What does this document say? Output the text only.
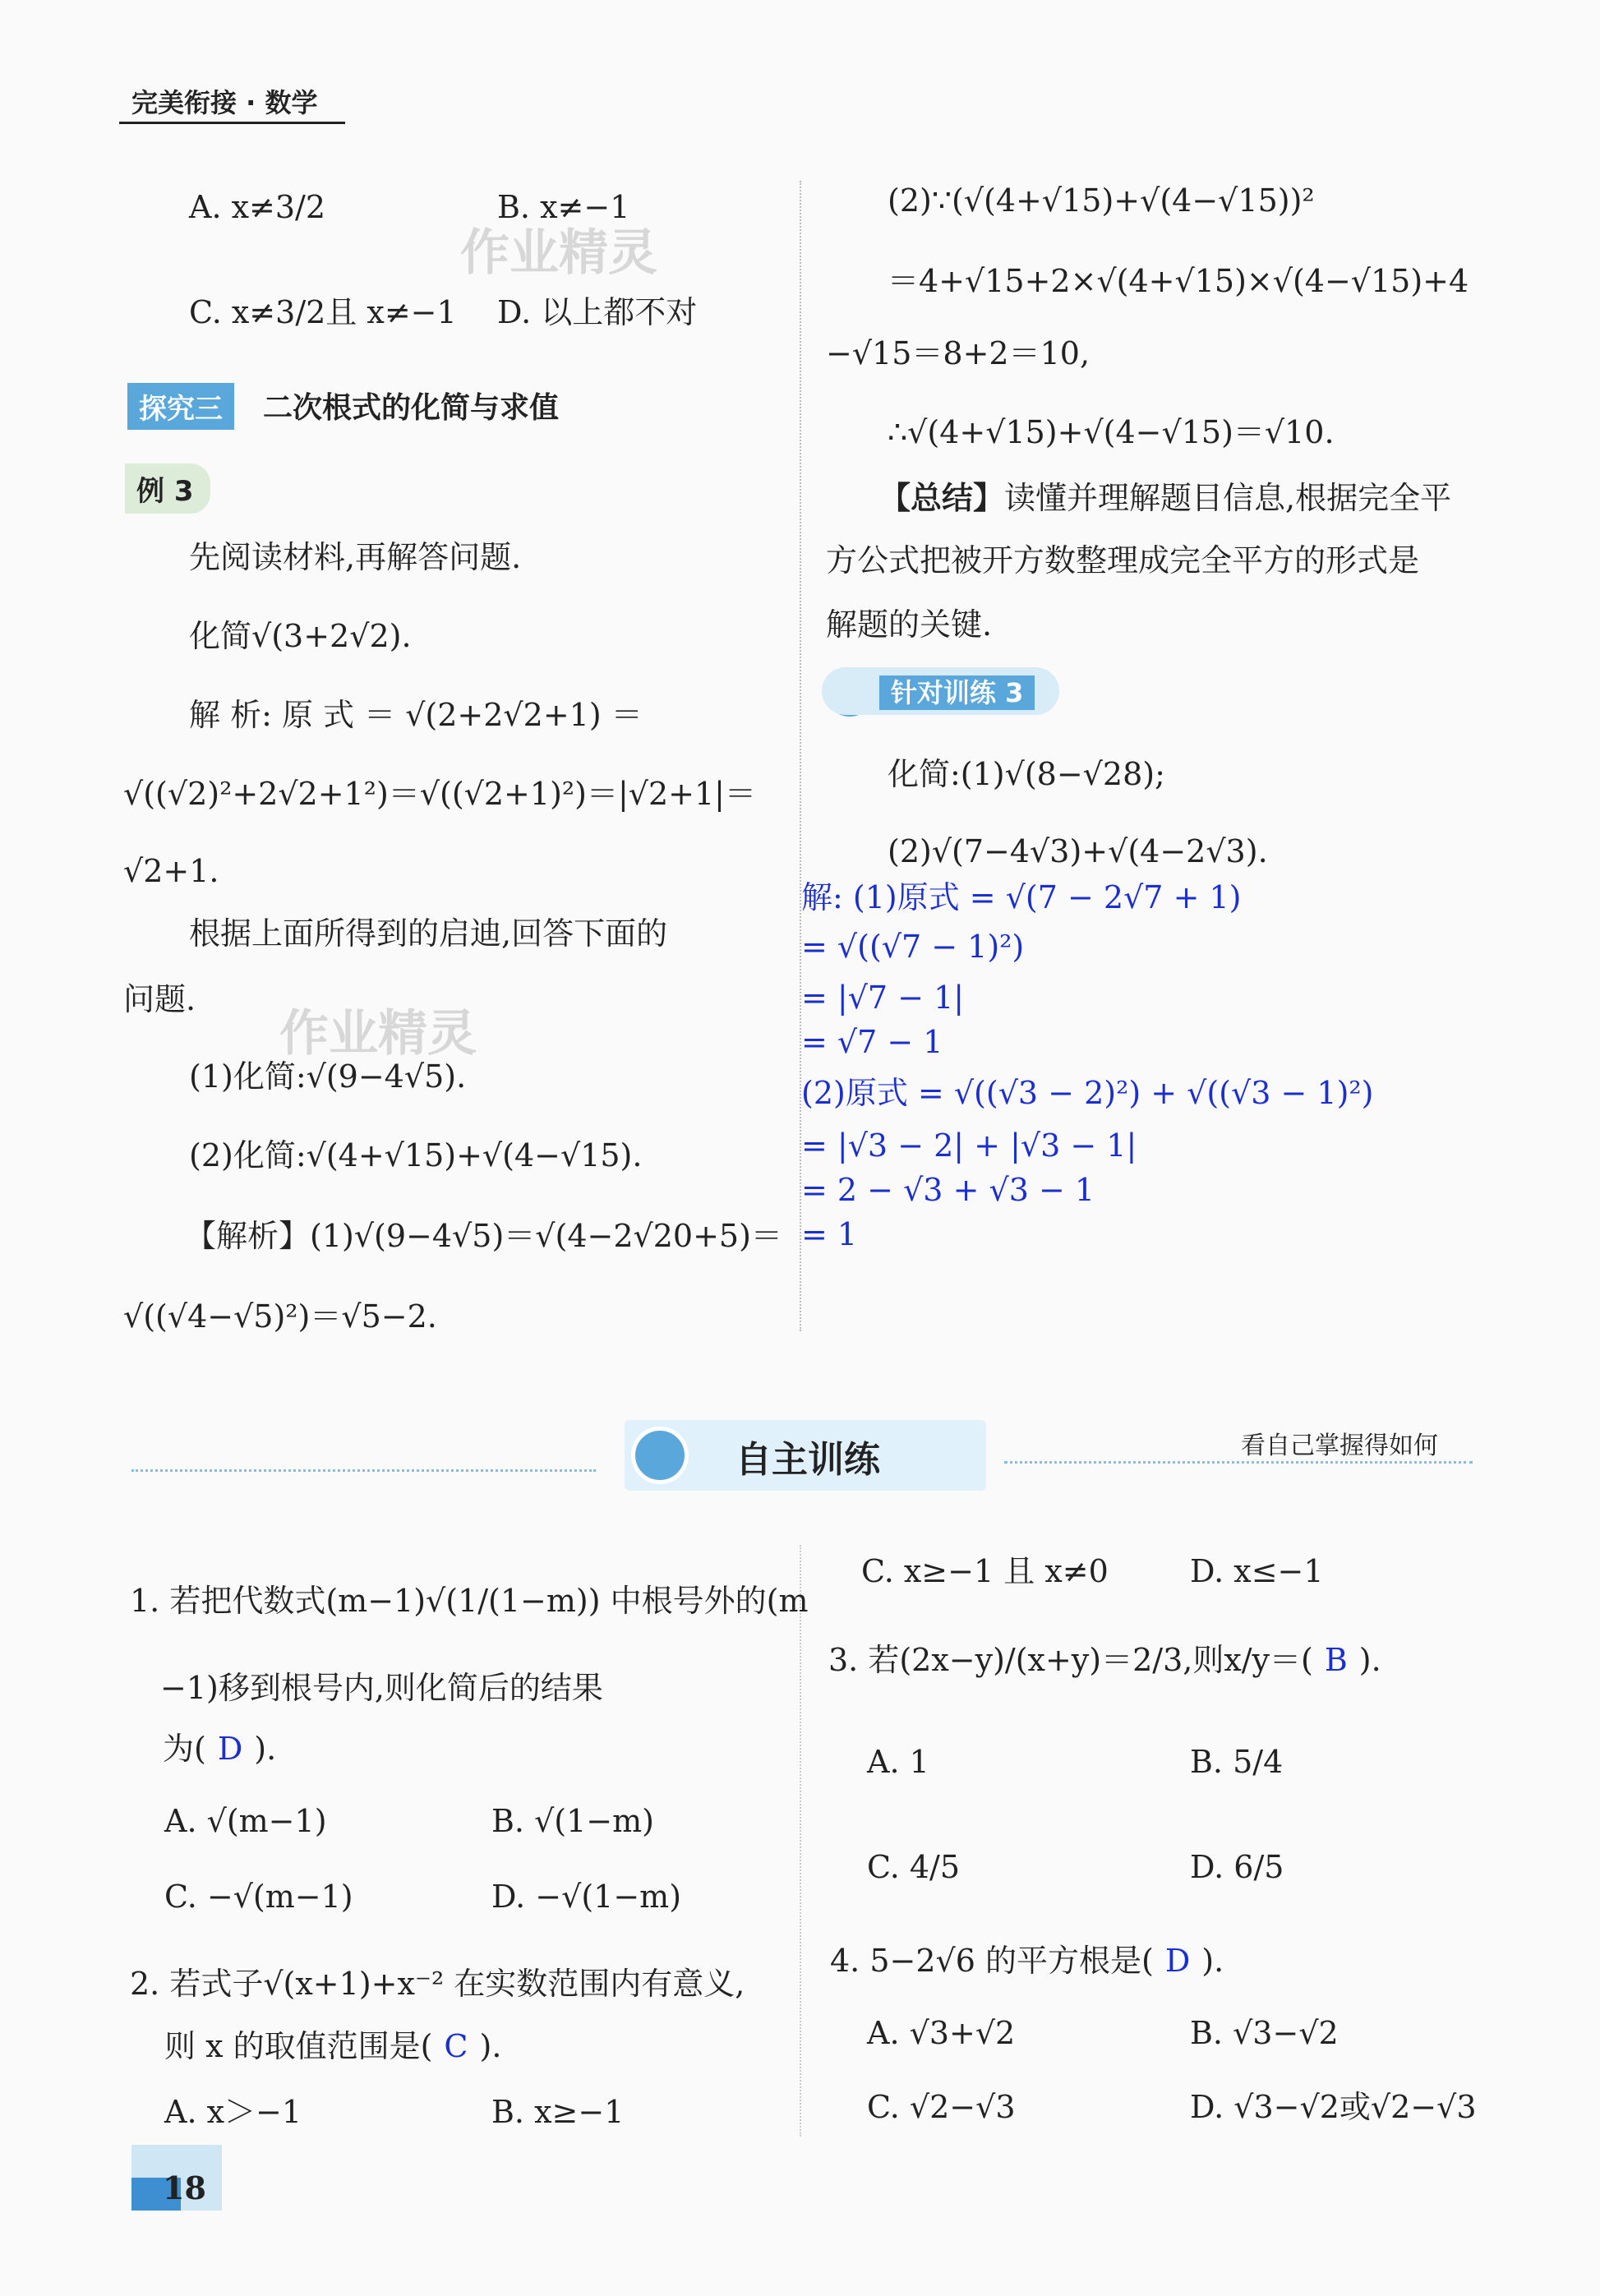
完美衔接 · 数学
作业精灵
作业精灵
A. x≠3/2	B. x≠−1
C. x≠3/2且 x≠−1 D. 以上都不对
探究三	二次根式的化简与求值
例 3
先阅读材料,再解答问题.
化简√(3+2√2).
解 析: 原 式 ＝ √(2+2√2+1) ＝
√((√2)²+2√2+1²)＝√((√2+1)²)＝|√2+1|＝
√2+1.
根据上面所得到的启迪,回答下面的
问题.
(1)化简:√(9−4√5).
(2)化简:√(4+√15)+√(4−√15).
【解析】(1)√(9−4√5)＝√(4−2√20+5)＝
√((√4−√5)²)＝√5−2.
(2)∵(√(4+√15)+√(4−√15))²
＝4+√15+2×√(4+√15)×√(4−√15)+4
−√15＝8+2＝10,
∴√(4+√15)+√(4−√15)＝√10.
【总结】读懂并理解题目信息,根据完全平
方公式把被开方数整理成完全平方的形式是
解题的关键.
针对训练 3
化简:(1)√(8−√28);
(2)√(7−4√3)+√(4−2√3).
解: (1)原式 = √(7 − 2√7 + 1)
= √((√7 − 1)²)
= |√7 − 1|
= √7 − 1
(2)原式 = √((√3 − 2)²) + √((√3 − 1)²)
= |√3 − 2| + |√3 − 1|
= 2 − √3 + √3 − 1
= 1
自主训练	看自己掌握得如何
1. 若把代数式(m−1)√(1/(1−m)) 中根号外的(m
−1)移到根号内,则化简后的结果
为( D ).
A. √(m−1)	B. √(1−m)
C. −√(m−1)	D. −√(1−m)
2. 若式子√(x+1)+x⁻² 在实数范围内有意义,
则 x 的取值范围是( C ).
A. x＞−1	B. x≥−1
C. x≥−1 且 x≠0	D. x≤−1
3. 若(2x−y)/(x+y)＝2/3,则x/y＝( B ).
A. 1	B. 5/4
C. 4/5	D. 6/5
4. 5−2√6 的平方根是( D ).
A. √3+√2	B. √3−√2
C. √2−√3	D. √3−√2或√2−√3
18
